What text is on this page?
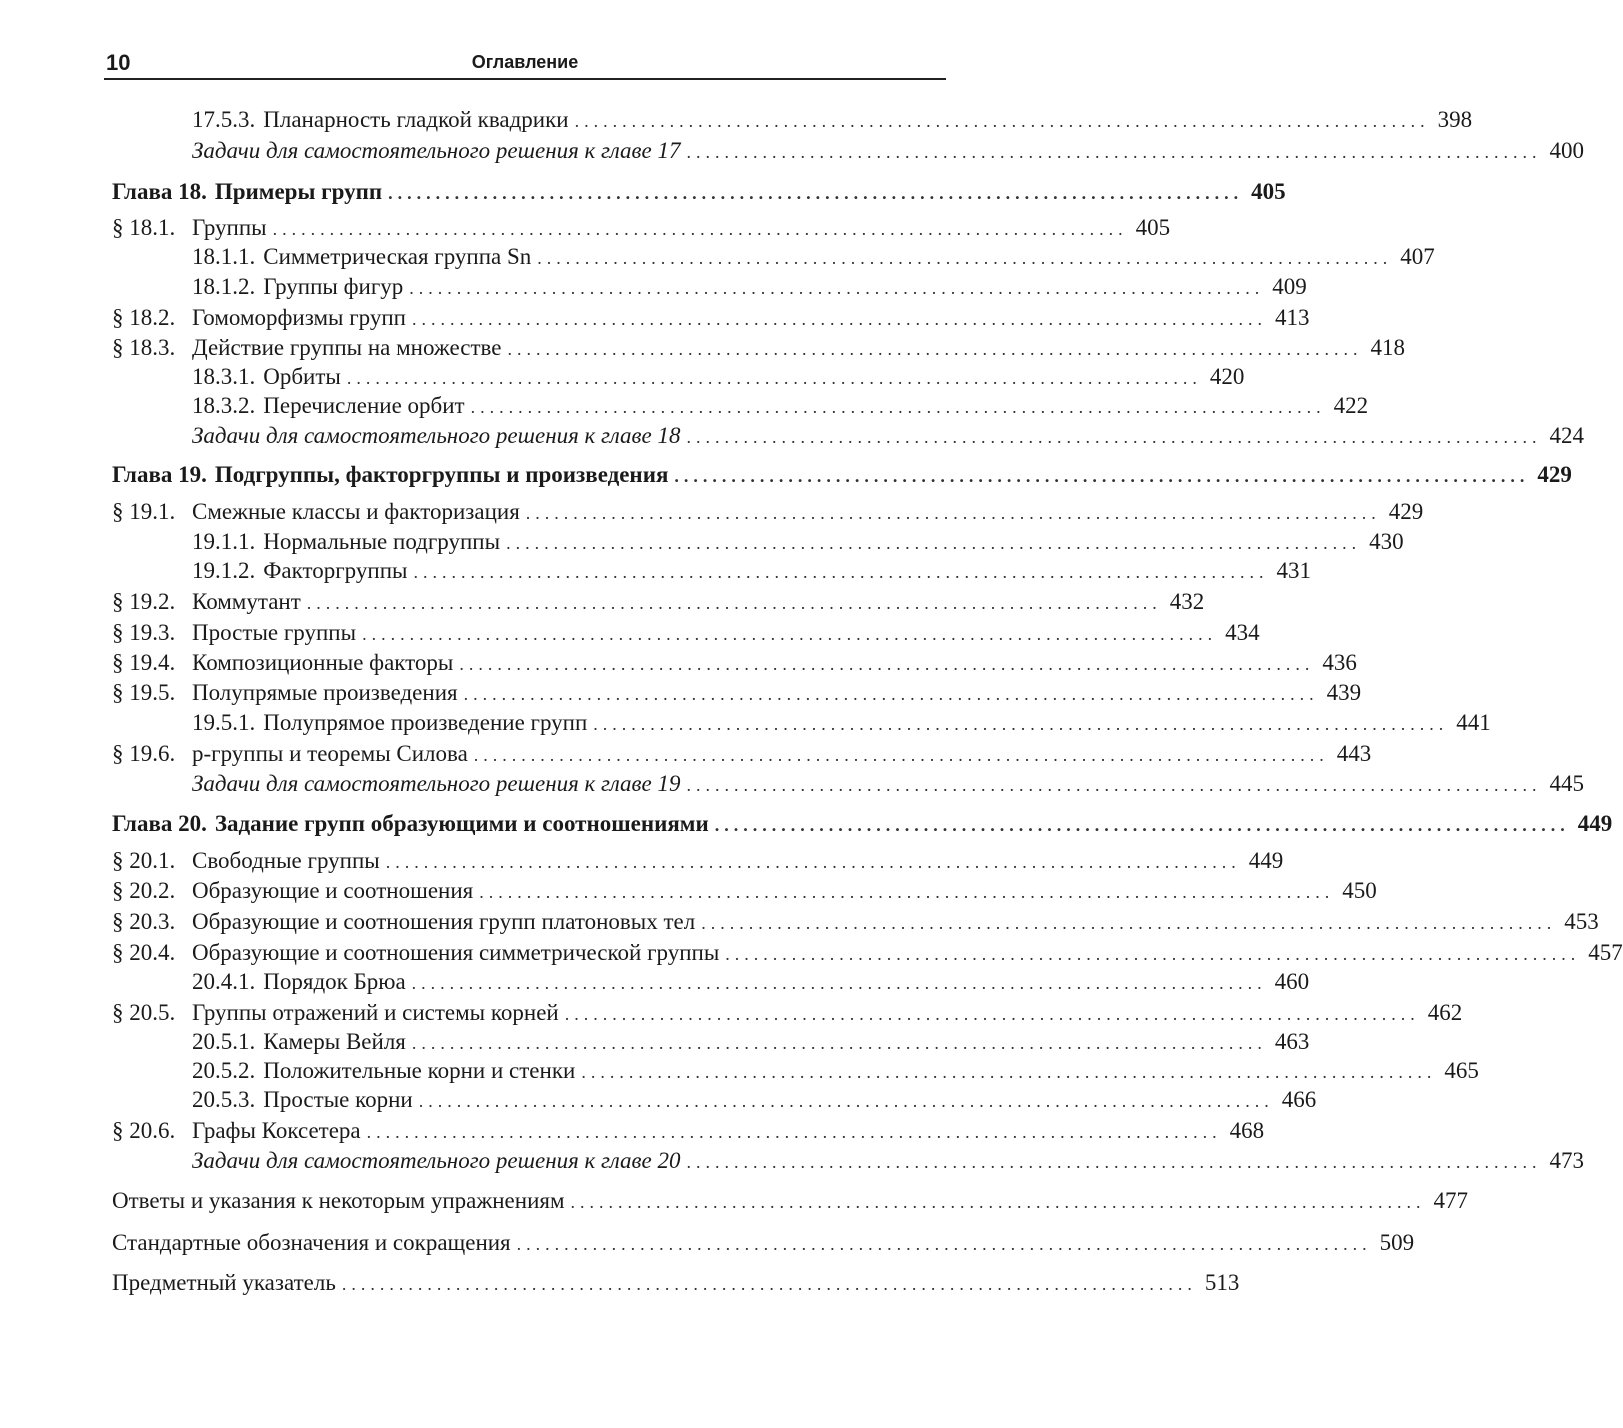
10	Оглавление
17.5.3. Планарность гладкой квадрики .......................................................................................... 398
Задачи для самостоятельного решения к главе 17 .......................................................................................... 400
Глава 18. Примеры групп .......................................................................................... 405
§ 18.1. Группы .......................................................................................... 405
18.1.1. Симметрическая группа Sn .......................................................................................... 407
18.1.2. Группы фигур .......................................................................................... 409
§ 18.2. Гомоморфизмы групп .......................................................................................... 413
§ 18.3. Действие группы на множестве .......................................................................................... 418
18.3.1. Орбиты .......................................................................................... 420
18.3.2. Перечисление орбит .......................................................................................... 422
Задачи для самостоятельного решения к главе 18 .......................................................................................... 424
Глава 19. Подгруппы, факторгруппы и произведения .......................................................................................... 429
§ 19.1. Смежные классы и факторизация .......................................................................................... 429
19.1.1. Нормальные подгруппы .......................................................................................... 430
19.1.2. Факторгруппы .......................................................................................... 431
§ 19.2. Коммутант .......................................................................................... 432
§ 19.3. Простые группы .......................................................................................... 434
§ 19.4. Композиционные факторы .......................................................................................... 436
§ 19.5. Полупрямые произведения .......................................................................................... 439
19.5.1. Полупрямое произведение групп .......................................................................................... 441
§ 19.6. p-группы и теоремы Силова .......................................................................................... 443
Задачи для самостоятельного решения к главе 19 .......................................................................................... 445
Глава 20. Задание групп образующими и соотношениями .......................................................................................... 449
§ 20.1. Свободные группы .......................................................................................... 449
§ 20.2. Образующие и соотношения .......................................................................................... 450
§ 20.3. Образующие и соотношения групп платоновых тел .......................................................................................... 453
§ 20.4. Образующие и соотношения симметрической группы .......................................................................................... 457
20.4.1. Порядок Брюа .......................................................................................... 460
§ 20.5. Группы отражений и системы корней .......................................................................................... 462
20.5.1. Камеры Вейля .......................................................................................... 463
20.5.2. Положительные корни и стенки .......................................................................................... 465
20.5.3. Простые корни .......................................................................................... 466
§ 20.6. Графы Коксетера .......................................................................................... 468
Задачи для самостоятельного решения к главе 20 .......................................................................................... 473
Ответы и указания к некоторым упражнениям .......................................................................................... 477
Стандартные обозначения и сокращения .......................................................................................... 509
Предметный указатель .......................................................................................... 513
